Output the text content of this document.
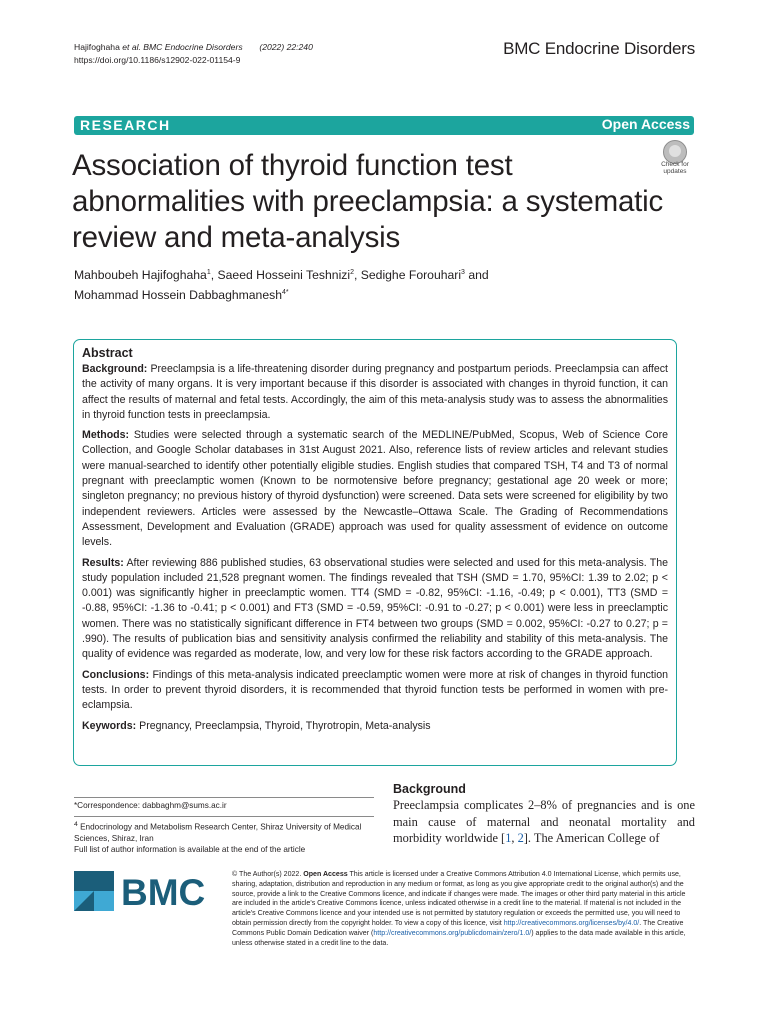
Hajifoghaha et al. BMC Endocrine Disorders (2022) 22:240
https://doi.org/10.1186/s12902-022-01154-9
BMC Endocrine Disorders
RESEARCH	Open Access
Association of thyroid function test abnormalities with preeclampsia: a systematic review and meta-analysis
Check for
updates
Mahboubeh Hajifoghaha$^1$, Saeed Hosseini Teshnizi$^2$, Sedighe Forouhari$^3$ and
Mohammad Hossein Dabbaghmanesh$^{4*}$
Abstract

Background: Preeclampsia is a life-threatening disorder during pregnancy and postpartum periods. Preeclampsia can affect the activity of many organs. It is very important because if this disorder is associated with changes in thyroid function, it can affect the results of maternal and fetal tests. Accordingly, the aim of this meta-analysis study was to assess the abnormalities in thyroid function tests in preeclampsia.

Methods: Studies were selected through a systematic search of the MEDLINE/PubMed, Scopus, Web of Science Core Collection, and Google Scholar databases in 31st August 2021. Also, reference lists of review articles and relevant studies were manual-searched to identify other potentially eligible studies. English studies that compared TSH, T4 and T3 of normal pregnant with preeclamptic women (Known to be normotensive before pregnancy; gestational age 20 week or more; singleton pregnancy; no previous history of thyroid dysfunction) were screened. Data sets were screened for eligibility by two independent reviewers. Articles were assessed by the Newcastle–Ottawa Scale. The Grading of Recommendations Assessment, Development and Evaluation (GRADE) approach was used for quality assessment of evidence on outcome levels.

Results: After reviewing 886 published studies, 63 observational studies were selected and used for this meta-analysis. The study population included 21,528 pregnant women. The findings revealed that TSH (SMD = 1.70, 95%CI: 1.39 to 2.02; p < 0.001) was significantly higher in preeclamptic women. TT4 (SMD = -0.82, 95%CI: -1.16, -0.49; p < 0.001), TT3 (SMD = -0.88, 95%CI: -1.36 to -0.41; p < 0.001) and FT3 (SMD = -0.59, 95%CI: -0.91 to -0.27; p < 0.001) were less in preeclamptic women. There was no statistically significant difference in FT4 between two groups (SMD = 0.002, 95%CI: -0.27 to 0.27; p = .990). The results of publication bias and sensitivity analysis confirmed the reliability and stability of this meta-analysis. The quality of evidence was regarded as moderate, low, and very low for these risk factors according to the GRADE approach.

Conclusions: Findings of this meta-analysis indicated preeclamptic women were more at risk of changes in thyroid function tests. In order to prevent thyroid disorders, it is recommended that thyroid function tests be performed in women with pre-eclampsia.

Keywords: Pregnancy, Preeclampsia, Thyroid, Thyrotropin, Meta-analysis

*Correspondence: dabbaghm@sums.ac.ir
$^4$ Endocrinology and Metabolism Research Center, Shiraz University of Medical Sciences, Shiraz, Iran
Full list of author information is available at the end of the article
Background
Preeclampsia complicates 2–8% of pregnancies and is one main cause of maternal and neonatal mortality and morbidity worldwide [1, 2]. The American College of
BMC	© The Author(s) 2022. Open Access This article is licensed under a Creative Commons Attribution 4.0 International License, which permits use, sharing, adaptation, distribution and reproduction in any medium or format, as long as you give appropriate credit to the original author(s) and the source, provide a link to the Creative Commons licence, and indicate if changes were made. The images or other third party material in this article are included in the article's Creative Commons licence, unless indicated otherwise in a credit line to the material. If material is not included in the article's Creative Commons licence and your intended use is not permitted by statutory regulation or exceeds the permitted use, you will need to obtain permission directly from the copyright holder. To view a copy of this licence, visit http://creativecommons.org/licenses/by/4.0/. The Creative Commons Public Domain Dedication waiver (http://creativecommons.org/publicdomain/zero/1.0/) applies to the data made available in this article, unless otherwise stated in a credit line to the data.
